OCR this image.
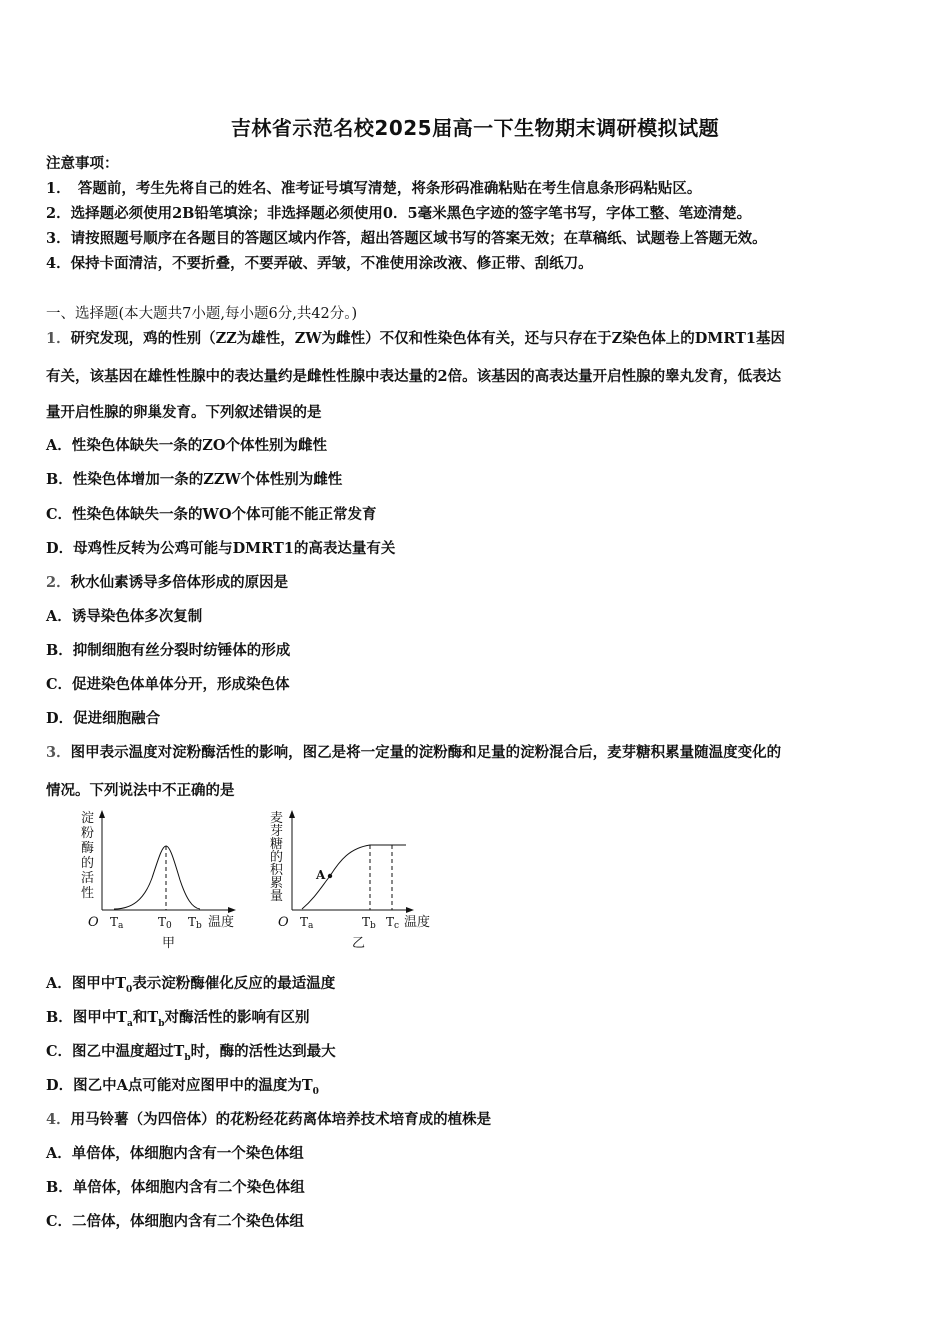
吉林省示范名校2025届高一下生物期末调研模拟试题
注意事项：
1．　答题前，考生先将自己的姓名、准考证号填写清楚，将条形码准确粘贴在考生信息条形码粘贴区。
2．选择题必须使用2B铅笔填涂；非选择题必须使用0．5毫米黑色字迹的签字笔书写，字体工整、笔迹清楚。
3．请按照题号顺序在各题目的答题区域内作答，超出答题区域书写的答案无效；在草稿纸、试题卷上答题无效。
4．保持卡面清洁，不要折叠，不要弄破、弄皱，不准使用涂改液、修正带、刮纸刀。
一、选择题(本大题共7小题,每小题6分,共42分。)
1．研究发现，鸡的性别（ZZ为雄性，ZW为雌性）不仅和性染色体有关，还与只存在于Z染色体上的DMRT1基因
有关，该基因在雄性性腺中的表达量约是雌性性腺中表达量的2倍。该基因的高表达量开启性腺的睾丸发育，低表达
量开启性腺的卵巢发育。下列叙述错误的是
A．性染色体缺失一条的ZO个体性别为雌性
B．性染色体增加一条的ZZW个体性别为雌性
C．性染色体缺失一条的WO个体可能不能正常发育
D．母鸡性反转为公鸡可能与DMRT1的高表达量有关
2．秋水仙素诱导多倍体形成的原因是
A．诱导染色体多次复制
B．抑制细胞有丝分裂时纺锤体的形成
C．促进染色体单体分开，形成染色体
D．促进细胞融合
3．图甲表示温度对淀粉酶活性的影响，图乙是将一定量的淀粉酶和足量的淀粉混合后，麦芽糖积累量随温度变化的
情况。下列说法中不正确的是
淀
粉
酶
的
活
性
O Ta	T0 Tb 温度
甲
麦
芽
糖
的
积
累
量
A
O Ta	Tb Tc 温度
乙
A．图甲中$T_0$表示淀粉酶催化反应的最适温度
B．图甲中$T_a$和$T_b$对酶活性的影响有区别
C．图乙中温度超过$T_b$时，酶的活性达到最大
D．图乙中A点可能对应图甲中的温度为$T_0$
4．用马铃薯（为四倍体）的花粉经花药离体培养技术培育成的植株是
A．单倍体，体细胞内含有一个染色体组
B．单倍体，体细胞内含有二个染色体组
C．二倍体，体细胞内含有二个染色体组
